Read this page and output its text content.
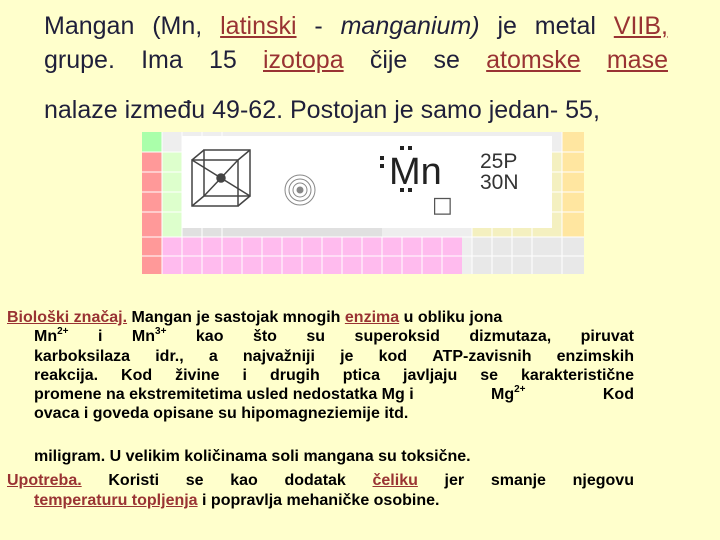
Mangan (Mn, latinski - manganium) je metal VIIB,
grupe. Ima 15 izotopa čije se atomske mase
nalaze između 49-62. Postojan je samo jedan- 55,
Mn 25P
30N
□
Biološki značaj. Mangan je sastojak mnogih enzima u obliku jona
$Mn^{2+}$ i $Mn^{3+}$ kao što su superoksid dizmutaza, piruvat
karboksilaza idr., a najvažniji je kod ATP-zavisnih enzimskih
reakcija. Kod živine i drugih ptica javljaju se karakteristične
promene na ekstremitetima usled nedostatka Mg i	$Mg^{2+}$	Kod
ovaca i goveda opisane su hipomagneziemije itd.
miligram. U velikim količinama soli mangana su toksične.
Upotreba. Koristi se kao dodatak čeliku jer smanje njegovu
temperaturu topljenja i popravlja mehaničke osobine.
